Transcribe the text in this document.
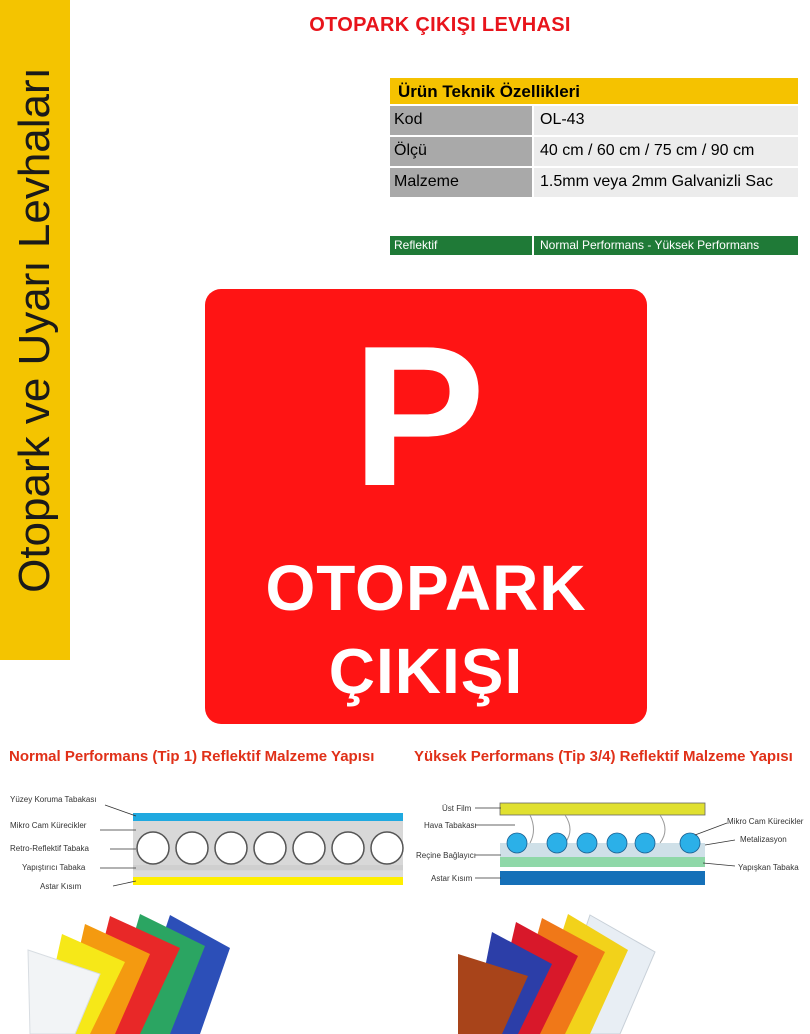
Otopark ve Uyarı Levhaları
OTOPARK ÇIKIŞI LEVHASI
Ürün Teknik Özellikleri
Kod	OL-43
Ölçü	40 cm / 60 cm / 75 cm / 90 cm
Malzeme	1.5mm veya 2mm Galvanizli Sac
Reflektif	Normal Performans - Yüksek Performans
P
OTOPARK
ÇIKIŞI
Normal Performans (Tip 1) Reflektif Malzeme Yapısı	Yüksek Performans (Tip 3/4) Reflektif Malzeme Yapısı
Yüzey Koruma Tabakası
Mikro Cam Kürecikler
Retro-Reflektif Tabaka
Yapıştırıcı Tabaka
Astar Kısım
Üst Film
Hava Tabakası
Reçine Bağlayıcı
Astar Kısım
Mikro Cam Kürecikler
Metalizasyon
Yapışkan Tabaka
